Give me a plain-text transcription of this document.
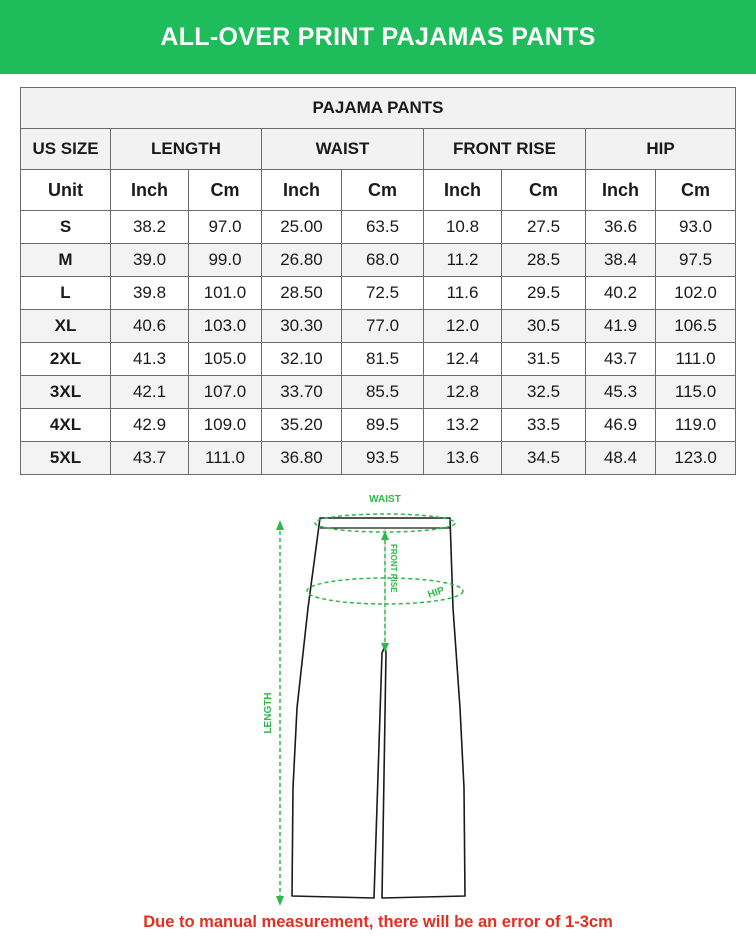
ALL-OVER PRINT PAJAMAS PANTS
PAJAMA PANTS								
US SIZE	LENGTH		WAIST		FRONT RISE		HIP	
Unit	Inch	Cm	Inch	Cm	Inch	Cm	Inch	Cm
S	38.2	97.0	25.00	63.5	10.8	27.5	36.6	93.0
M	39.0	99.0	26.80	68.0	11.2	28.5	38.4	97.5
L	39.8	101.0	28.50	72.5	11.6	29.5	40.2	102.0
XL	40.6	103.0	30.30	77.0	12.0	30.5	41.9	106.5
2XL	41.3	105.0	32.10	81.5	12.4	31.5	43.7	111.0
3XL	42.1	107.0	33.70	85.5	12.8	32.5	45.3	115.0
4XL	42.9	109.0	35.20	89.5	13.2	33.5	46.9	119.0
5XL	43.7	111.0	36.80	93.5	13.6	34.5	48.4	123.0
WAIST
FRONT RISE
HIP
LENGTH
Due to manual measurement, there will be an error of 1-3cm
